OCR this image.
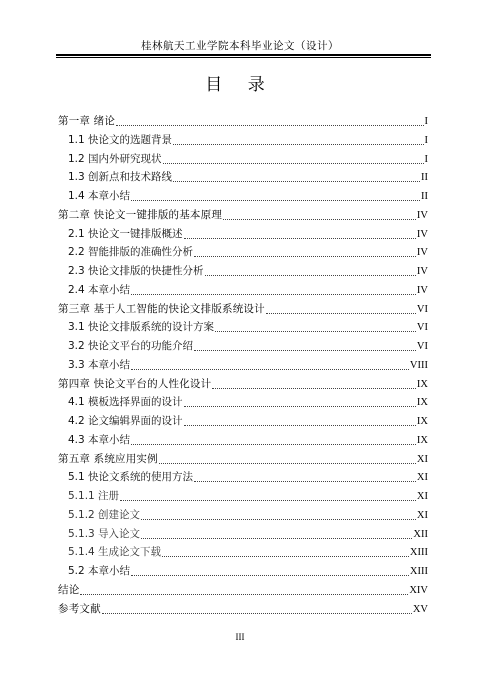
桂林航天工业学院本科毕业论文（设计）
目 录
第一章 绪论	I
1.1 快论文的选题背景	I
1.2 国内外研究现状	I
1.3 创新点和技术路线	II
1.4 本章小结	II
第二章 快论文一键排版的基本原理	IV
2.1 快论文一键排版概述	IV
2.2 智能排版的准确性分析	IV
2.3 快论文排版的快捷性分析	IV
2.4 本章小结	IV
第三章 基于人工智能的快论文排版系统设计	VI
3.1 快论文排版系统的设计方案	VI
3.2 快论文平台的功能介绍	VI
3.3 本章小结	VIII
第四章 快论文平台的人性化设计	IX
4.1 模板选择界面的设计	IX
4.2 论文编辑界面的设计	IX
4.3 本章小结	IX
第五章 系统应用实例	XI
5.1 快论文系统的使用方法	XI
5.1.1 注册	XI
5.1.2 创建论文	XI
5.1.3 导入论文	XII
5.1.4 生成论文下载	XIII
5.2 本章小结	XIII
结论	XIV
参考文献	XV
III
